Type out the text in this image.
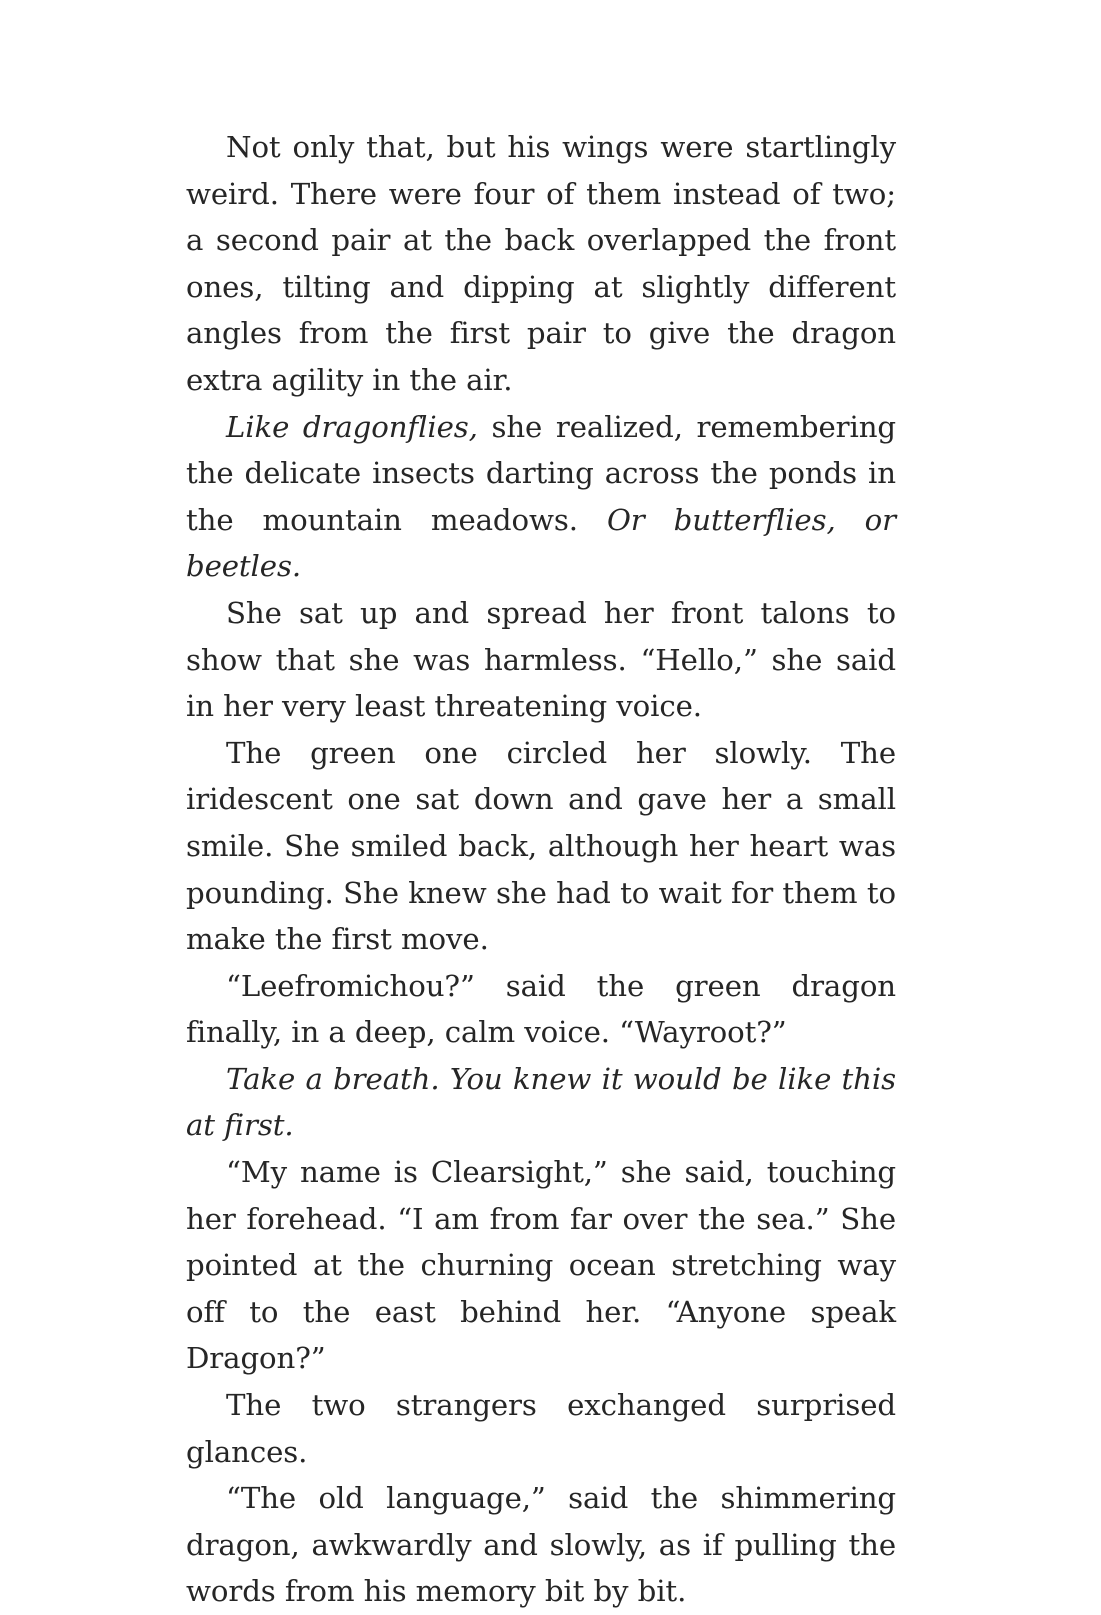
Not only that, but his wings were startlingly weird. There were four of them instead of two; a second pair at the back overlapped the front ones, tilting and dipping at slightly different angles from the first pair to give the dragon extra agility in the air.

Like dragonflies, she realized, remembering the delicate insects darting across the ponds in the mountain meadows. Or butterflies, or beetles.

She sat up and spread her front talons to show that she was harmless. “Hello,” she said in her very least threatening voice.

The green one circled her slowly. The iridescent one sat down and gave her a small smile. She smiled back, although her heart was pounding. She knew she had to wait for them to make the first move.

“Leefromichou?” said the green dragon finally, in a deep, calm voice. “Wayroot?”

Take a breath. You knew it would be like this at first.

“My name is Clearsight,” she said, touching her forehead. “I am from far over the sea.” She pointed at the churning ocean stretching way off to the east behind her. “Anyone speak Dragon?”

The two strangers exchanged surprised glances.

“The old language,” said the shimmering dragon, awkwardly and slowly, as if pulling the words from his memory bit by bit.
